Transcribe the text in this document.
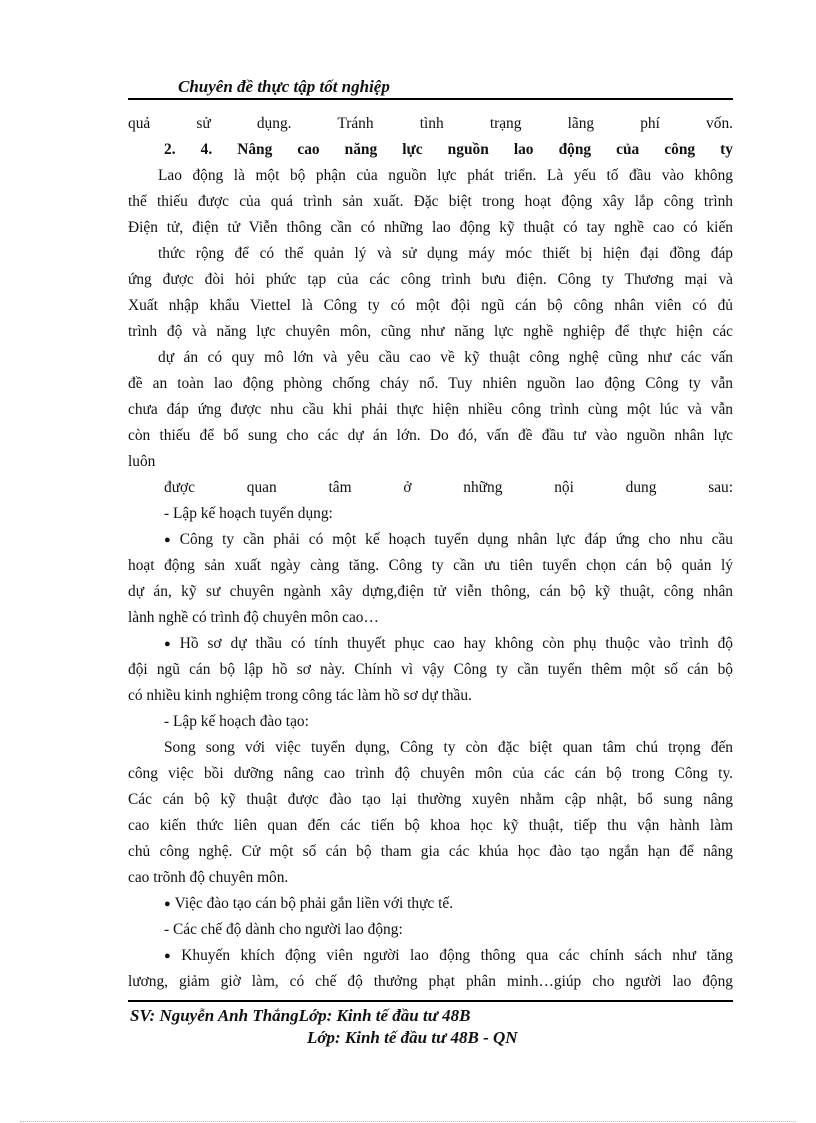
Chuyên đề thực tập tốt nghiệp
quả sử dụng. Tránh tình trạng lãng phí vốn.
2. 4. Nâng cao năng lực nguồn lao động của công ty
Lao động là một bộ phận của nguồn lực phát triển. Là yếu tố đầu vào không
thể thiếu được của quá trình sản xuất. Đặc biệt trong hoạt động xây lắp công trình
Điện tử, điện tử Viễn thông cần có những lao động kỹ thuật có tay nghề cao có kiến
thức rộng để có thể quản lý và sử dụng máy móc thiết bị hiện đại đồng đáp
ứng được đòi hỏi phức tạp của các công trình bưu điện. Công ty Thương mại và
Xuất nhập khẩu Viettel là Công ty có một đội ngũ cán bộ công nhân viên có đủ
trình độ và năng lực chuyên môn, cũng như năng lực nghề nghiệp để thực hiện các
dự án có quy mô lớn và yêu cầu cao về kỹ thuật công nghệ cũng như các vấn
đề an toàn lao động phòng chống cháy nổ. Tuy nhiên nguồn lao động Công ty vẫn
chưa đáp ứng được nhu cầu khi phải thực hiện nhiều công trình cùng một lúc và vẫn
còn thiếu để bổ sung cho các dự án lớn. Do đó, vấn đề đầu tư vào nguồn nhân lực
luôn
được quan tâm ở những nội dung sau:
- Lập kế hoạch tuyển dụng:
● Công ty cần phải có một kế hoạch tuyển dụng nhân lực đáp ứng cho nhu cầu
hoạt động sản xuất ngày càng tăng. Công ty cần ưu tiên tuyển chọn cán bộ quản lý
dự án, kỹ sư chuyên ngành xây dựng,điện tử viễn thông, cán bộ kỹ thuật, công nhân
lành nghề có trình độ chuyên môn cao…
● Hồ sơ dự thầu có tính thuyết phục cao hay không còn phụ thuộc vào trình độ
đội ngũ cán bộ lập hồ sơ này. Chính vì vậy Công ty cần tuyển thêm một số cán bộ
có nhiều kinh nghiệm trong công tác làm hồ sơ dự thầu.
- Lập kế hoạch đào tạo:
Song song với việc tuyển dụng, Công ty còn đặc biệt quan tâm chú trọng đến
công việc bồi dưỡng nâng cao trình độ chuyên môn của các cán bộ trong Công ty.
Các cán bộ kỹ thuật được đào tạo lại thường xuyên nhằm cập nhật, bổ sung nâng
cao kiến thức liên quan đến các tiến bộ khoa học kỹ thuật, tiếp thu vận hành làm
chủ công nghệ. Cử một số cán bộ tham gia các khúa học đào tạo ngắn hạn để nâng
cao trõnh độ chuyên môn.
● Việc đào tạo cán bộ phải gắn liền với thực tế.
- Các chế độ dành cho người lao động:
● Khuyến khích động viên người lao động thông qua các chính sách như tăng
lương, giảm giờ làm, có chế độ thưởng phạt phân minh…giúp cho người lao động
SV: Nguyễn Anh ThắngLớp: Kinh tế đầu tư 48B
Lớp: Kinh tế đầu tư 48B - QN
